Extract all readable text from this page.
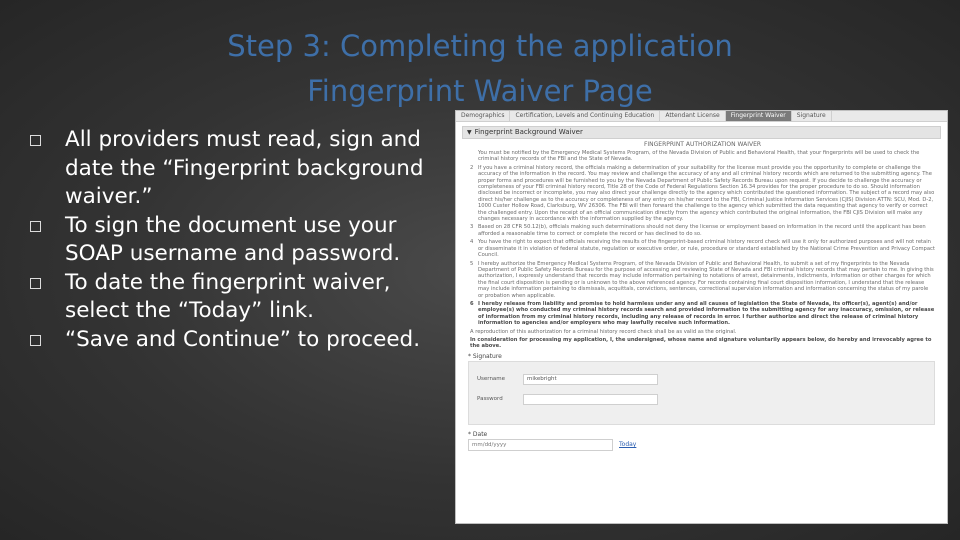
Step 3: Completing the application
Fingerprint Waiver Page
All providers must read, sign and date the “Fingerprint background waiver.”
To sign the document use your SOAP username and password.
To date the fingerprint waiver, select the “Today” link.
“Save and Continue” to proceed.
Demographics	Certification, Levels and Continuing Education	Attendant License	Fingerprint Waiver	Signature
▼ Fingerprint Background Waiver
FINGERPRINT AUTHORIZATION WAIVER
You must be notified by the Emergency Medical Systems Program, of the Nevada Division of Public and Behavioral Health, that your fingerprints will be used to check the criminal history records of the FBI and the State of Nevada.
2 If you have a criminal history record, the officials making a determination of your suitability for the license must provide you the opportunity to complete or challenge the accuracy of the information in the record. You may review and challenge the accuracy of any and all criminal history records which are returned to the submitting agency. The proper forms and procedures will be furnished to you by the Nevada Department of Public Safety Records Bureau upon request. If you decide to challenge the accuracy or completeness of your FBI criminal history record, Title 28 of the Code of Federal Regulations Section 16.34 provides for the proper procedure to do so. Should information disclosed be incorrect or incomplete, you may also direct your challenge directly to the agency which contributed the questioned information. The subject of a record may also direct his/her challenge as to the accuracy or completeness of any entry on his/her record to the FBI, Criminal Justice Information Services (CJIS) Division ATTN: SCU, Mod. D-2, 1000 Custer Hollow Road, Clarksburg, WV 26306. The FBI will then forward the challenge to the agency which submitted the data requesting that agency to verify or correct the challenged entry. Upon the receipt of an official communication directly from the agency which contributed the original information, the FBI CJIS Division will make any changes necessary in accordance with the information supplied by the agency.
3 Based on 28 CFR 50.12(b), officials making such determinations should not deny the license or employment based on information in the record until the applicant has been afforded a reasonable time to correct or complete the record or has declined to do so.
4 You have the right to expect that officials receiving the results of the fingerprint-based criminal history record check will use it only for authorized purposes and will not retain or disseminate it in violation of federal statute, regulation or executive order, or rule, procedure or standard established by the National Crime Prevention and Privacy Compact Council.
5 I hereby authorize the Emergency Medical Systems Program, of the Nevada Division of Public and Behavioral Health, to submit a set of my fingerprints to the Nevada Department of Public Safety Records Bureau for the purpose of accessing and reviewing State of Nevada and FBI criminal history records that may pertain to me. In giving this authorization, I expressly understand that records may include information pertaining to notations of arrest, detainments, indictments, information or other charges for which the final court disposition is pending or is unknown to the above referenced agency. For records containing final court disposition information, I understand that the release may include information pertaining to dismissals, acquittals, convictions, sentences, correctional supervision information and information concerning the status of my parole or probation when applicable.
6 I hereby release from liability and promise to hold harmless under any and all causes of legislation the State of Nevada, its officer(s), agent(s) and/or employee(s) who conducted my criminal history records search and provided information to the submitting agency for any inaccuracy, omission, or release of information from my criminal history records, including any release of records in error. I further authorize and direct the release of criminal history information to agencies and/or employers who may lawfully receive such information.
A reproduction of this authorization for a criminal history record check shall be as valid as the original.
In consideration for processing my application, I, the undersigned, whose name and signature voluntarily appears below, do hereby and irrevocably agree to the above.
* Signature
Username	mikebright
Password
* Date
mm/dd/yyyy	Today
